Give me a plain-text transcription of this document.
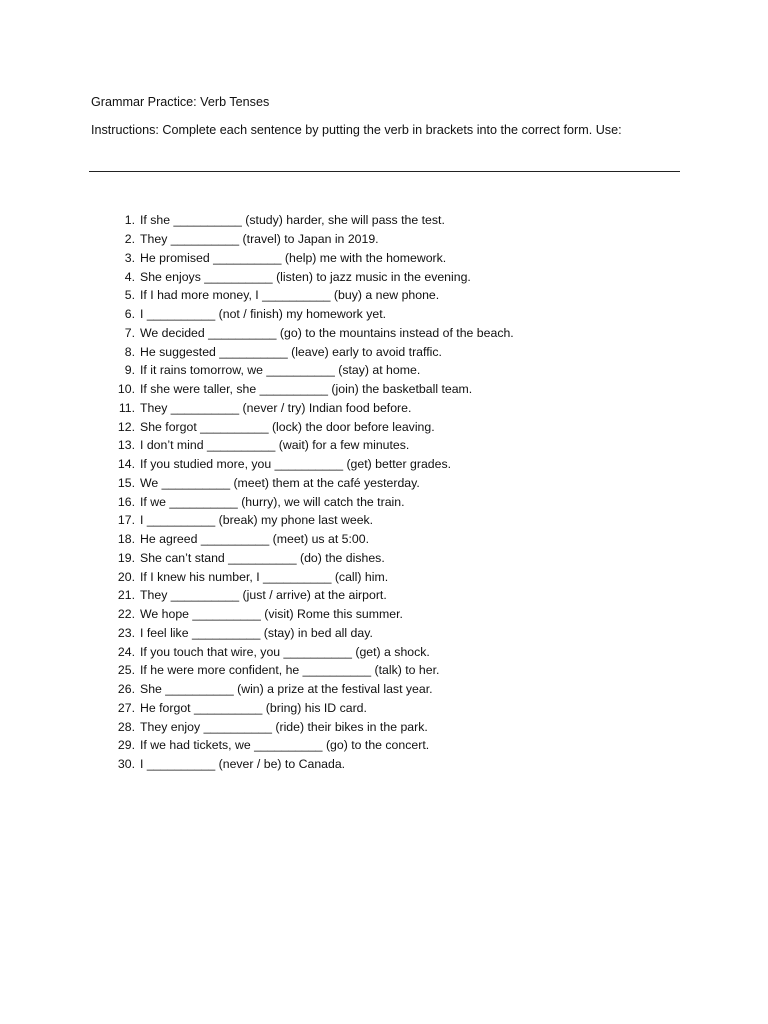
Grammar Practice: Verb Tenses
Instructions: Complete each sentence by putting the verb in brackets into the correct form. Use:
1. If she __________ (study) harder, she will pass the test.
2. They __________ (travel) to Japan in 2019.
3. He promised __________ (help) me with the homework.
4. She enjoys __________ (listen) to jazz music in the evening.
5. If I had more money, I __________ (buy) a new phone.
6. I __________ (not / finish) my homework yet.
7. We decided __________ (go) to the mountains instead of the beach.
8. He suggested __________ (leave) early to avoid traffic.
9. If it rains tomorrow, we __________ (stay) at home.
10. If she were taller, she __________ (join) the basketball team.
11. They __________ (never / try) Indian food before.
12. She forgot __________ (lock) the door before leaving.
13. I don’t mind __________ (wait) for a few minutes.
14. If you studied more, you __________ (get) better grades.
15. We __________ (meet) them at the café yesterday.
16. If we __________ (hurry), we will catch the train.
17. I __________ (break) my phone last week.
18. He agreed __________ (meet) us at 5:00.
19. She can’t stand __________ (do) the dishes.
20. If I knew his number, I __________ (call) him.
21. They __________ (just / arrive) at the airport.
22. We hope __________ (visit) Rome this summer.
23. I feel like __________ (stay) in bed all day.
24. If you touch that wire, you __________ (get) a shock.
25. If he were more confident, he __________ (talk) to her.
26. She __________ (win) a prize at the festival last year.
27. He forgot __________ (bring) his ID card.
28. They enjoy __________ (ride) their bikes in the park.
29. If we had tickets, we __________ (go) to the concert.
30. I __________ (never / be) to Canada.
